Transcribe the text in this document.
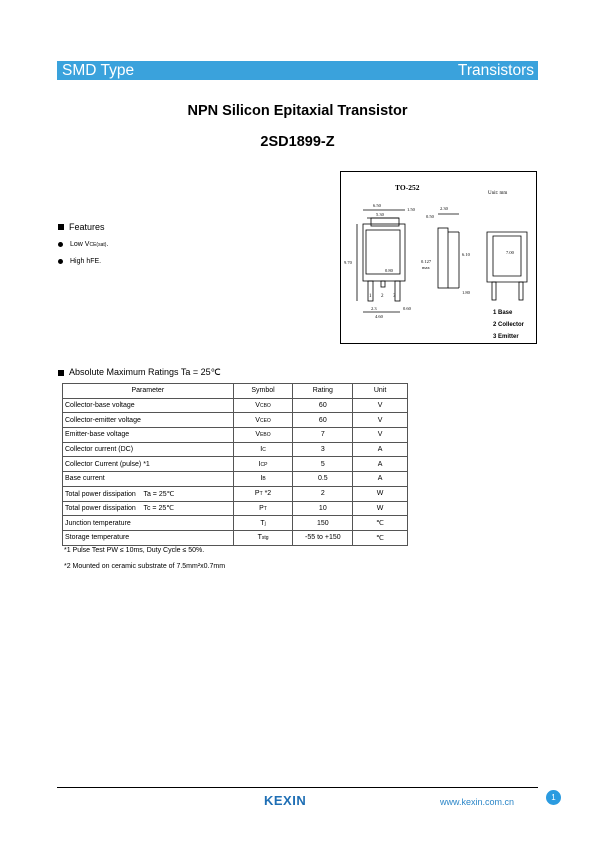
SMD Type	Transistors
NPN Silicon Epitaxial Transistor
2SD1899-Z
1 2 3
TO-252
Unit: mm
6.50
5.30
2.30
0.50
1.50
9.70
0.80
0.127
max
2.3	0.60
4.60
6.10
1.80
7.00
1 Base
2 Collector
3 Emitter
Features
Low V CE(sat) .
High hFE.
Absolute Maximum Ratings Ta = 25℃
Parameter	Symbol	Rating	Unit
Collector-base voltage	VCBO	60	V
Collector-emitter voltage	VCEO	60	V
Emitter-base voltage	VEBO	7	V
Collector current (DC)	IC	3	A
Collector Current (pulse) *1	ICP	5	A
Base current	IB	0.5	A
Total power dissipation    Ta = 25℃	PT *2	2	W
Total power dissipation    Tc = 25℃	PT	10	W
Junction temperature	Tj	150	℃
Storage temperature	Tstg	-55 to +150	℃
*1 Pulse Test PW ≤ 10ms, Duty Cycle ≤ 50%.
*2 Mounted on ceramic substrate of 7.5mm²x0.7mm
KEXIN	www.kexin.com.cn	1
